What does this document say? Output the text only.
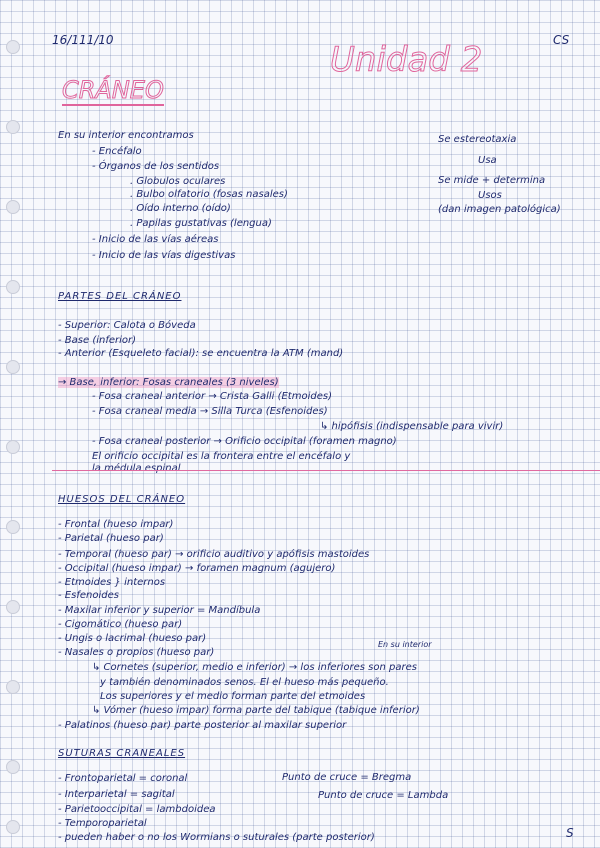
16/111/10	CS
Unidad 2
CRÁNEO
En su interior encontramos
- Encéfalo
- Órganos de los sentidos
. Globulos oculares
. Bulbo olfatorio (fosas nasales)
. Oído interno (oído)
. Papilas gustativas (lengua)
- Inicio de las vías aéreas
- Inicio de las vías digestivas
Se estereotaxia
Usa
Se mide + determina
Usos
(dan imagen patológica)
PARTES DEL CRÁNEO
- Superior: Calota o Bóveda
- Base (inferior)
- Anterior (Esqueleto facial): se encuentra la ATM (mand)
→ Base, inferior: Fosas craneales (3 niveles)
- Fosa craneal anterior → Crista Galli (Etmoides)
- Fosa craneal media → Silla Turca (Esfenoides)
↳ hipófisis (indispensable para vivir)
- Fosa craneal posterior → Orificio occipital (foramen magno)
El orificio occipital es la frontera entre el encéfalo y
la médula espinal
HUESOS DEL CRÁNEO
- Frontal (hueso impar)
- Parietal (hueso par)
- Temporal (hueso par) → orificio auditivo y apófisis mastoides
- Occipital (hueso impar) → foramen magnum (agujero)
- Etmoides } internos
- Esfenoides
- Maxilar inferior y superior = Mandíbula
- Cigomático (hueso par)
- Ungis o lacrimal (hueso par)
- Nasales o propios (hueso par)
En su interior
↳ Cornetes (superior, medio e inferior) → los inferiores son pares
y también denominados senos. El el hueso más pequeño.
Los superiores y el medio forman parte del etmoides
↳ Vómer (hueso impar) forma parte del tabique (tabique inferior)
- Palatinos (hueso par) parte posterior al maxilar superior
SUTURAS CRANEALES
- Frontoparietal = coronal
- Interparietal = sagital
- Parietooccipital = lambdoidea
- Temporoparietal
- pueden haber o no los Wormians o suturales (parte posterior)
Punto de cruce = Bregma
Punto de cruce = Lambda
S
